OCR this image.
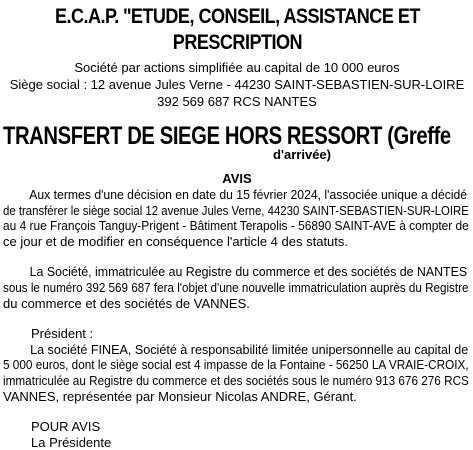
E.C.A.P. ''ETUDE, CONSEIL, ASSISTANCE ET
PRESCRIPTION
Société par actions simplifiée au capital de 10 000 euros
Siège social : 12 avenue Jules Verne - 44230 SAINT-SEBASTIEN-SUR-LOIRE
392 569 687 RCS NANTES
TRANSFERT DE SIEGE HORS RESSORT (Greffe
d'arrivée)
AVIS

Aux termes d'une décision en date du 15 février 2024, l'associée unique a décidé
de transférer le siège social 12 avenue Jules Verne, 44230 SAINT-SEBASTIEN-SUR-LOIRE
au 4 rue François Tanguy-Prigent - Bâtiment Terapolis - 56890 SAINT-AVE à compter de
ce jour et de modifier en conséquence l'article 4 des statuts.

La Société, immatriculée au Registre du commerce et des sociétés de NANTES
sous le numéro 392 569 687 fera l'objet d'une nouvelle immatriculation auprès du Registre
du commerce et des sociétés de VANNES.

Président :
La société FINEA, Société à responsabilité limitée unipersonnelle au capital de
5 000 euros, dont le siège social est 4 impasse de la Fontaine - 56250 LA VRAIE-CROIX,
immatriculée au Registre du commerce et des sociétés sous le numéro 913 676 276 RCS
VANNES, représentée par Monsieur Nicolas ANDRE, Gérant.

POUR AVIS
La Présidente
